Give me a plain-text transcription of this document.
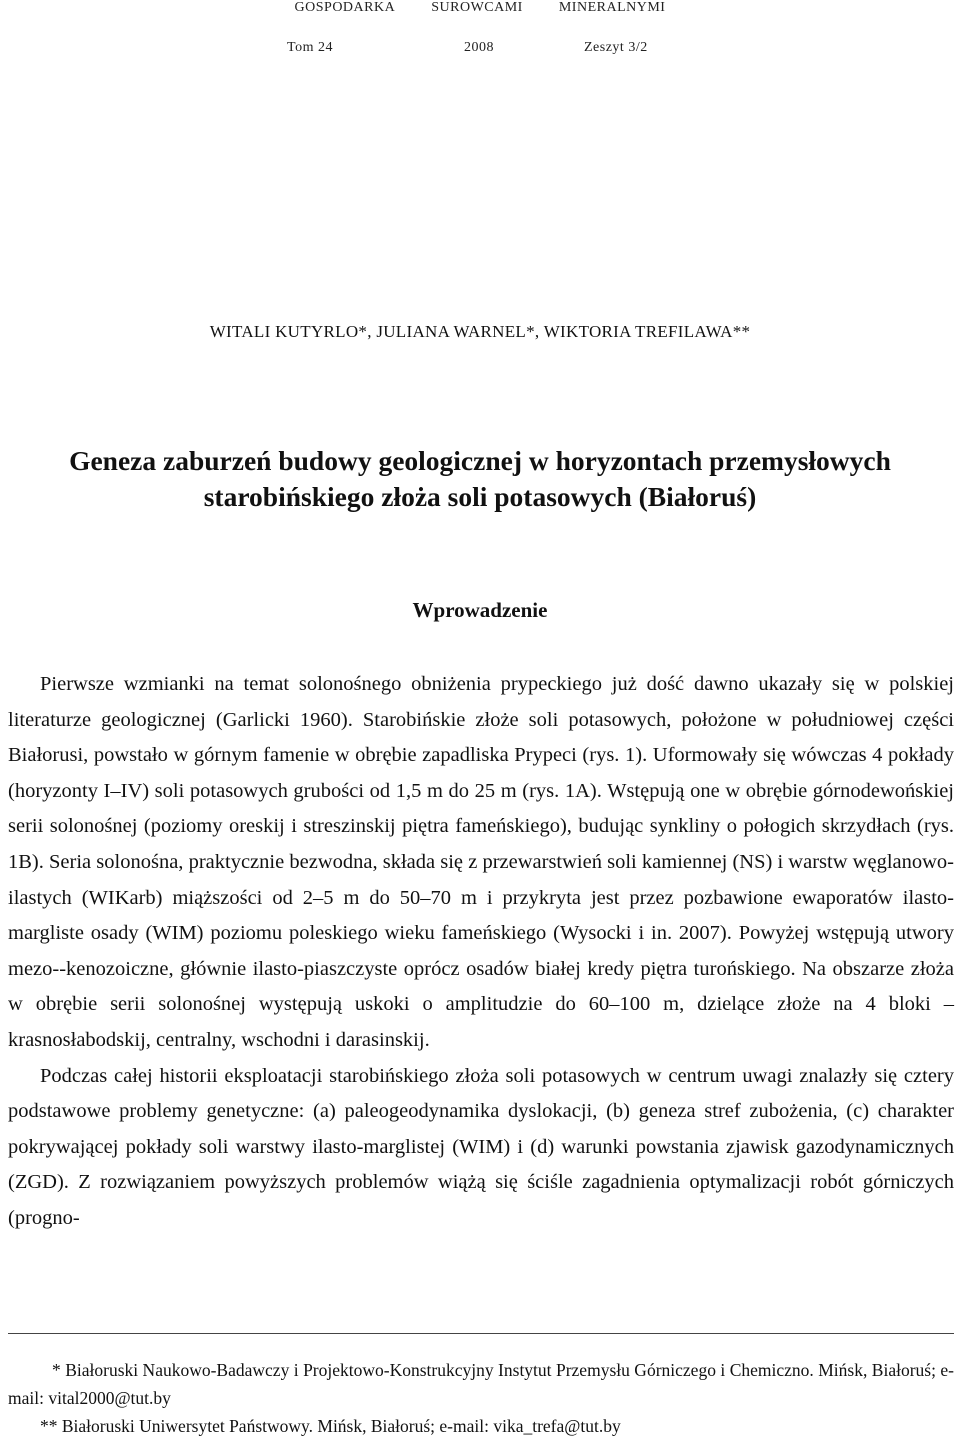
GOSPODARKA	SUROWCAMI	MINERALNYMI
Tom 24	2008	Zeszyt 3/2
WITALI KUTYRLO*, JULIANA WARNEL*, WIKTORIA TREFILAWA**
Geneza zaburzeń budowy geologicznej w horyzontach przemysłowych
starobińskiego złoża soli potasowych (Białoruś)
Wprowadzenie

Pierwsze wzmianki na temat solonośnego obniżenia prypeckiego już dość dawno ukazały się w polskiej literaturze geologicznej (Garlicki 1960). Starobińskie złoże soli potasowych, położone w południowej części Białorusi, powstało w górnym famenie w obrębie zapadliska Prypeci (rys. 1). Uformowały się wówczas 4 pokłady (horyzonty I–IV) soli potasowych grubości od 1,5 m do 25 m (rys. 1A). Wstępują one w obrębie górnodewońskiej serii solonośnej (poziomy oreskij i streszinskij piętra fameńskiego), budując synkliny o połogich skrzydłach (rys. 1B). Seria solonośna, praktycznie bezwodna, składa się z przewarstwień soli kamiennej (NS) i warstw węglanowo-ilastych (WIKarb) miąższości od 2–5 m do 50–70 m i przykryta jest przez pozbawione ewaporatów ilasto-margliste osady (WIM) poziomu poleskiego wieku fameńskiego (Wysocki i in. 2007). Powyżej wstępują utwory mezo--kenozoiczne, głównie ilasto-piaszczyste oprócz osadów białej kredy piętra turońskiego. Na obszarze złoża w obrębie serii solonośnej występują uskoki o amplitudzie do 60–100 m, dzielące złoże na 4 bloki – krasnosłabodskij, centralny, wschodni i darasinskij.

Podczas całej historii eksploatacji starobińskiego złoża soli potasowych w centrum uwagi znalazły się cztery podstawowe problemy genetyczne: (a) paleogeodynamika dyslokacji, (b) geneza stref zubożenia, (c) charakter pokrywającej pokłady soli warstwy ilasto-marglistej (WIM) i (d) warunki powstania zjawisk gazodynamicznych (ZGD). Z rozwiązaniem powyższych problemów wiążą się ściśle zagadnienia optymalizacji robót górniczych (progno-

* Białoruski Naukowo-Badawczy i Projektowo-Konstrukcyjny Instytut Przemysłu Górniczego i Chemiczno. Mińsk, Białoruś; e-mail: vital2000@tut.by

** Białoruski Uniwersytet Państwowy. Mińsk, Białoruś; e-mail: vika_trefa@tut.by
